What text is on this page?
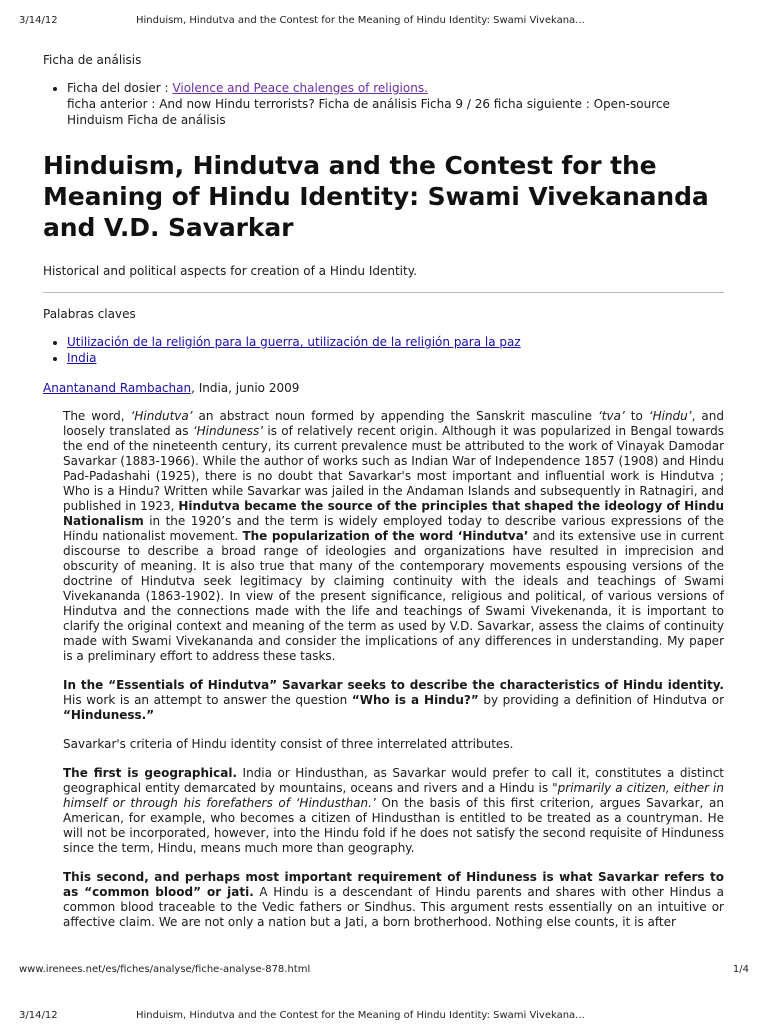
3/14/12	Hinduism, Hindutva and the Contest for the Meaning of Hindu Identity: Swami Vivekana...

Ficha de análisis

• Ficha del dosier : Violence and Peace chalenges of religions.
ficha anterior : And now Hindu terrorists? Ficha de análisis Ficha 9 / 26 ficha siguiente : Open-source
Hinduism Ficha de análisis
Hinduism, Hindutva and the Contest for the Meaning of Hindu Identity: Swami Vivekananda and V.D. Savarkar

Historical and political aspects for creation of a Hindu Identity.

Palabras claves

• Utilización de la religión para la guerra, utilización de la religión para la paz
• India

Anantanand Rambachan, India, junio 2009

The word, ‘Hindutva’ an abstract noun formed by appending the Sanskrit masculine ‘tva’ to ‘Hindu’, and loosely translated as ‘Hinduness’ is of relatively recent origin. Although it was popularized in Bengal towards the end of the nineteenth century, its current prevalence must be attributed to the work of Vinayak Damodar Savarkar (1883-1966). While the author of works such as Indian War of Independence 1857 (1908) and Hindu Pad-Padashahi (1925), there is no doubt that Savarkar's most important and influential work is Hindutva ; Who is a Hindu? Written while Savarkar was jailed in the Andaman Islands and subsequently in Ratnagiri, and published in 1923, Hindutva became the source of the principles that shaped the ideology of Hindu Nationalism in the 1920’s and the term is widely employed today to describe various expressions of the Hindu nationalist movement. The popularization of the word ‘Hindutva’ and its extensive use in current discourse to describe a broad range of ideologies and organizations have resulted in imprecision and obscurity of meaning. It is also true that many of the contemporary movements espousing versions of the doctrine of Hindutva seek legitimacy by claiming continuity with the ideals and teachings of Swami Vivekananda (1863-1902). In view of the present significance, religious and political, of various versions of Hindutva and the connections made with the life and teachings of Swami Vivekenanda, it is important to clarify the original context and meaning of the term as used by V.D. Savarkar, assess the claims of continuity made with Swami Vivekananda and consider the implications of any differences in understanding. My paper is a preliminary effort to address these tasks.

In the “Essentials of Hindutva” Savarkar seeks to describe the characteristics of Hindu identity. His work is an attempt to answer the question “Who is a Hindu?” by providing a definition of Hindutva or “Hinduness.”

Savarkar's criteria of Hindu identity consist of three interrelated attributes.

The first is geographical. India or Hindusthan, as Savarkar would prefer to call it, constitutes a distinct geographical entity demarcated by mountains, oceans and rivers and a Hindu is "primarily a citizen, either in himself or through his forefathers of ‘Hindusthan.’ On the basis of this first criterion, argues Savarkar, an American, for example, who becomes a citizen of Hindusthan is entitled to be treated as a countryman. He will not be incorporated, however, into the Hindu fold if he does not satisfy the second requisite of Hinduness since the term, Hindu, means much more than geography.

This second, and perhaps most important requirement of Hinduness is what Savarkar refers to as “common blood” or jati. A Hindu is a descendant of Hindu parents and shares with other Hindus a common blood traceable to the Vedic fathers or Sindhus. This argument rests essentially on an intuitive or affective claim. We are not only a nation but a Jati, a born brotherhood. Nothing else counts, it is after

www.irenees.net/es/fiches/analyse/fiche-analyse-878.html	1/4
3/14/12	Hinduism, Hindutva and the Contest for the Meaning of Hindu Identity: Swami Vivekana...
